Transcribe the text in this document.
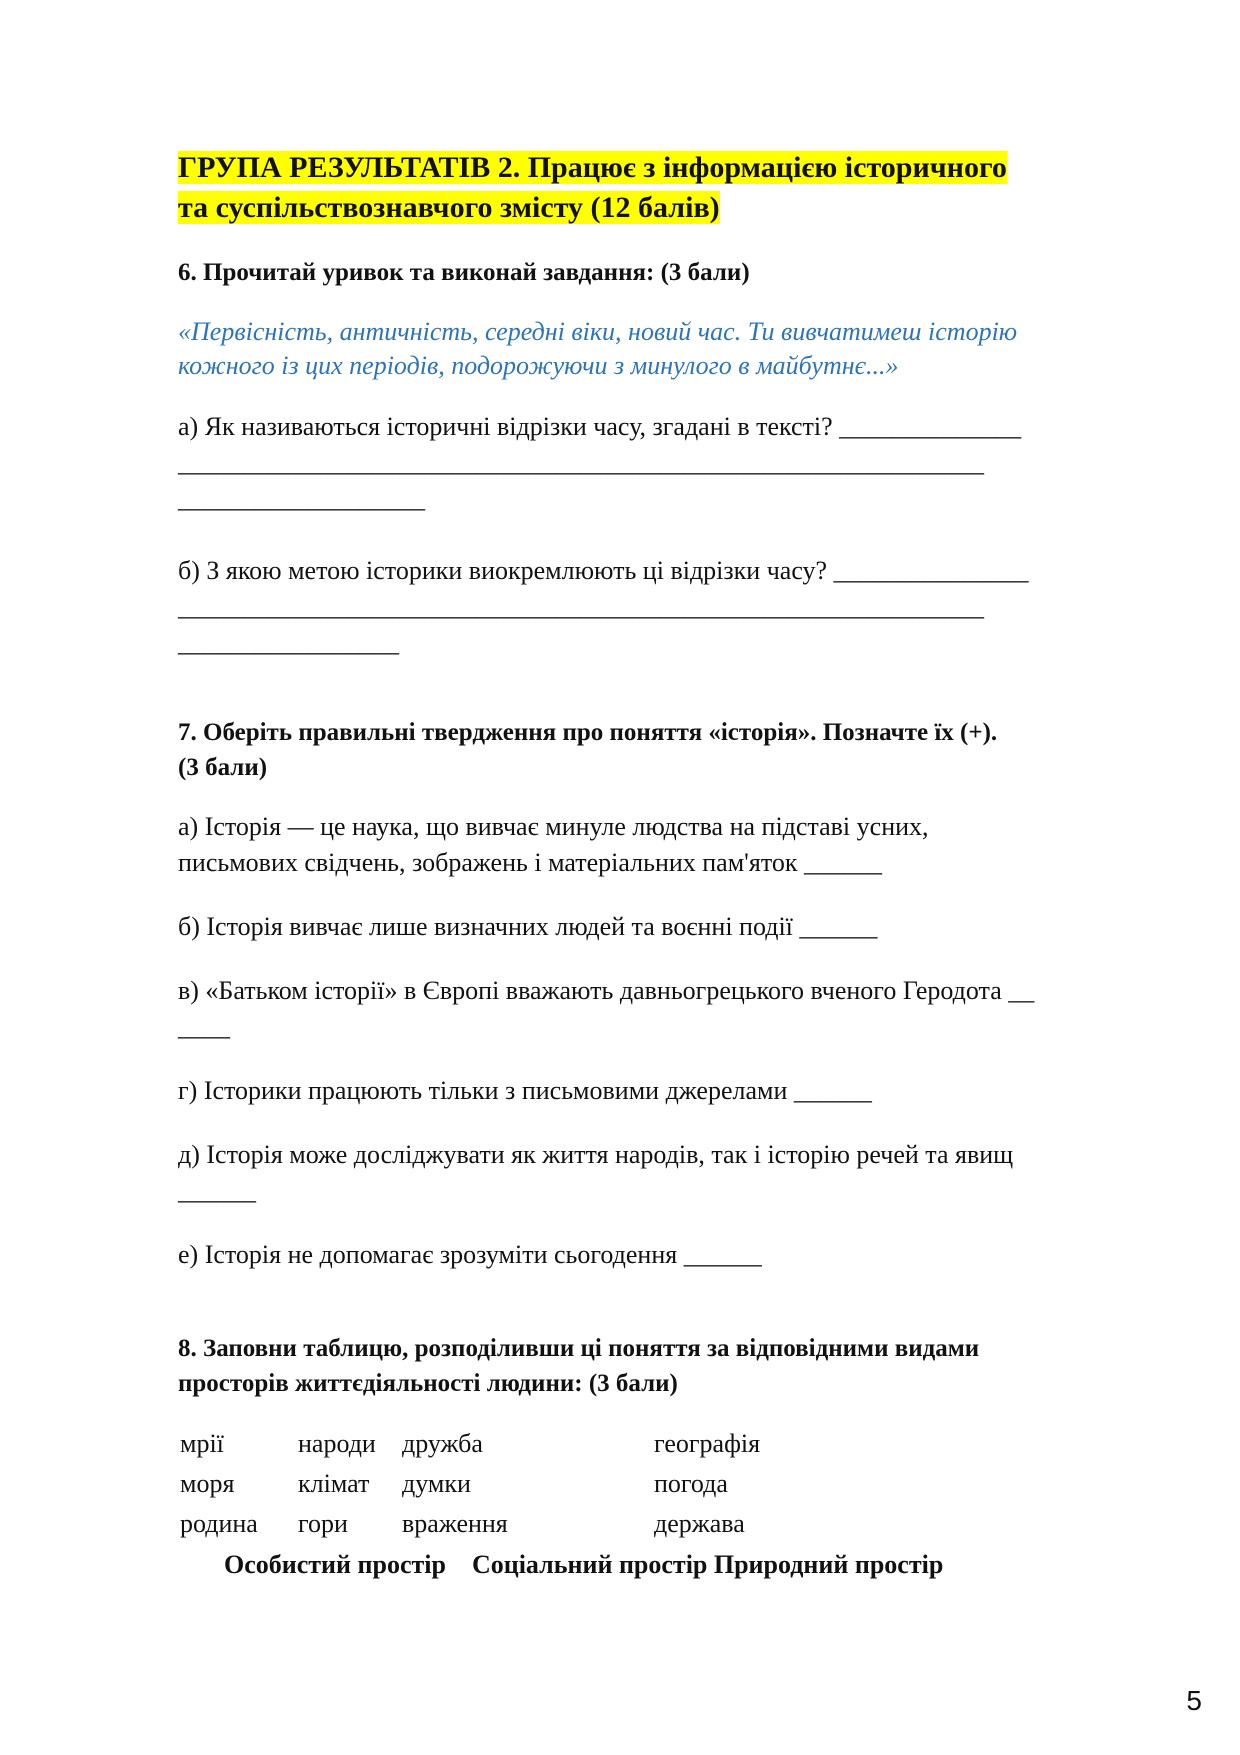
ГРУПА РЕЗУЛЬТАТІВ 2. Працює з інформацією історичного

та суспільствознавчого змісту (12 балів)

6. Прочитай уривок та виконай завдання: (3 бали)

«Первісність, античність, середні віки, новий час. Ти вивчатимеш історію

кожного із цих періодів, подорожуючи з минулого в майбутнє...»

а) Як називаються історичні відрізки часу, згадані в тексті? ______________

______________________________________________________________

___________________

б) З якою метою історики виокремлюють ці відрізки часу? _______________

______________________________________________________________

_________________

7. Оберіть правильні твердження про поняття «історія». Позначте їх (+).

(3 бали)

а) Історія — це наука, що вивчає минуле людства на підставі усних,
письмових свідчень, зображень і матеріальних пам'яток ______

б) Історія вивчає лише визначних людей та воєнні події ______

в) «Батьком історії» в Європі вважають давньогрецького вченого Геродота __
____

г) Історики працюють тільки з письмовими джерелами ______

д) Історія може досліджувати як життя народів, так і історію речей та явищ
______

е) Історія не допомагає зрозуміти сьогодення ______

8. Заповни таблицю, розподіливши ці поняття за відповідними видами

просторів життєдіяльності людини: (3 бали)

мрії	народи	дружба	географія
моря	клімат	думки	погода
родина	гори	враження	держава

Особистий простір Соціальний простір Природний простір

5
